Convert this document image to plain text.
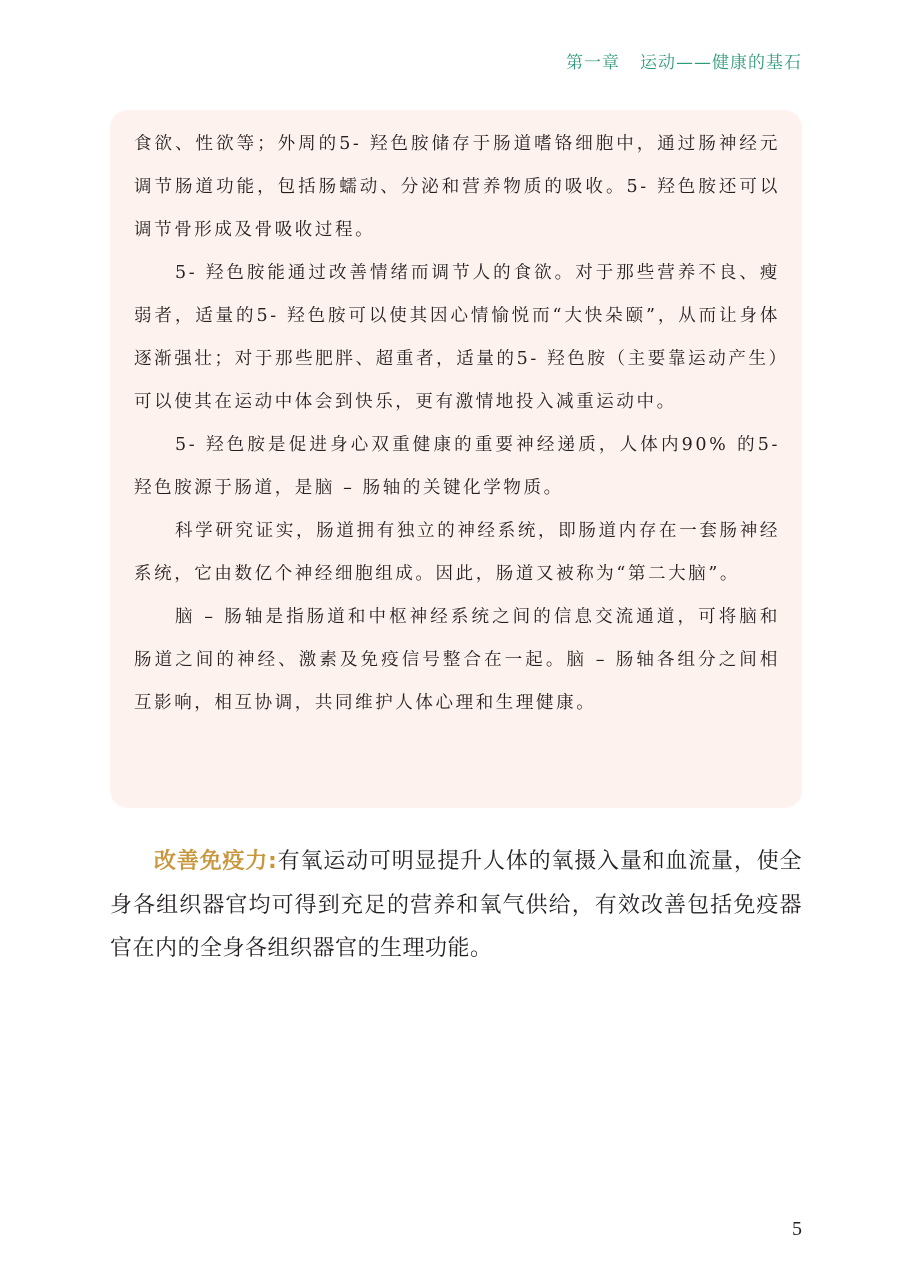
第一章 运动——健康的基石

食欲、性欲等；外周的5- 羟色胺储存于肠道嗜铬细胞中，通过肠神经元调节肠道功能，包括肠蠕动、分泌和营养物质的吸收。5- 羟色胺还可以调节骨形成及骨吸收过程。

5- 羟色胺能通过改善情绪而调节人的食欲。对于那些营养不良、瘦弱者，适量的5- 羟色胺可以使其因心情愉悦而“大快朵颐”，从而让身体逐渐强壮；对于那些肥胖、超重者，适量的5- 羟色胺（主要靠运动产生）可以使其在运动中体会到快乐，更有激情地投入减重运动中。

5- 羟色胺是促进身心双重健康的重要神经递质，人体内90% 的5- 羟色胺源于肠道，是脑 – 肠轴的关键化学物质。

科学研究证实，肠道拥有独立的神经系统，即肠道内存在一套肠神经系统，它由数亿个神经细胞组成。因此，肠道又被称为“第二大脑”。

脑 – 肠轴是指肠道和中枢神经系统之间的信息交流通道，可将脑和肠道之间的神经、激素及免疫信号整合在一起。脑 – 肠轴各组分之间相互影响，相互协调，共同维护人体心理和生理健康。

改善免疫力:有氧运动可明显提升人体的氧摄入量和血流量，使全身各组织器官均可得到充足的营养和氧气供给，有效改善包括免疫器官在内的全身各组织器官的生理功能。

5
